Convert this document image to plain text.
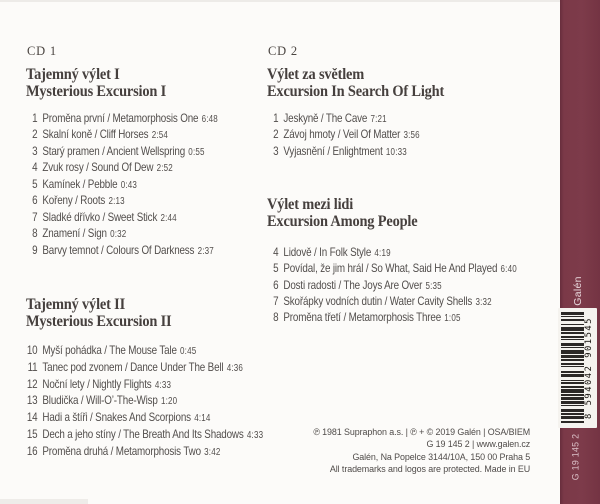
CD 1
Tajemný výlet I
Mysterious Excursion I
1 Proměna první / Metamorphosis One 6:48
2 Skalní koně / Cliff Horses 2:54
3 Starý pramen / Ancient Wellspring 0:55
4 Zvuk rosy / Sound Of Dew 2:52
5 Kamínek / Pebble 0:43
6 Kořeny / Roots 2:13
7 Sladké dřívko / Sweet Stick 2:44
8 Znamení / Sign 0:32
9 Barvy temnot / Colours Of Darkness 2:37
Tajemný výlet II
Mysterious Excursion II
10 Myší pohádka / The Mouse Tale 0:45
11 Tanec pod zvonem / Dance Under The Bell 4:36
12 Noční lety / Nightly Flights 4:33
13 Bludička / Will-O’-The-Wisp 1:20
14 Hadi a štíři / Snakes And Scorpions 4:14
15 Dech a jeho stíny / The Breath And Its Shadows 4:33
16 Proměna druhá / Metamorphosis Two 3:42
CD 2
Výlet za světlem
Excursion In Search Of Light
1 Jeskyně / The Cave 7:21
2 Závoj hmoty / Veil Of Matter 3:56
3 Vyjasnění / Enlightment 10:33
Výlet mezi lidi
Excursion Among People
4 Lidově / In Folk Style 4:19
5 Povídal, že jim hrál / So What, Said He And Played 6:40
6 Dosti radosti / The Joys Are Over 5:35
7 Skořápky vodních dutin / Water Cavity Shells 3:32
8 Proměna třetí / Metamorphosis Three 1:05
℗ 1981 Supraphon a.s. | ℗ + © 2019 Galén | OSA/BIEM
G 19 145 2 | www.galen.cz
Galén, Na Popelce 3144/10A, 150 00 Praha 5
All trademarks and logos are protected. Made in EU
Galén
8 594042 901545
G 19 145 2
